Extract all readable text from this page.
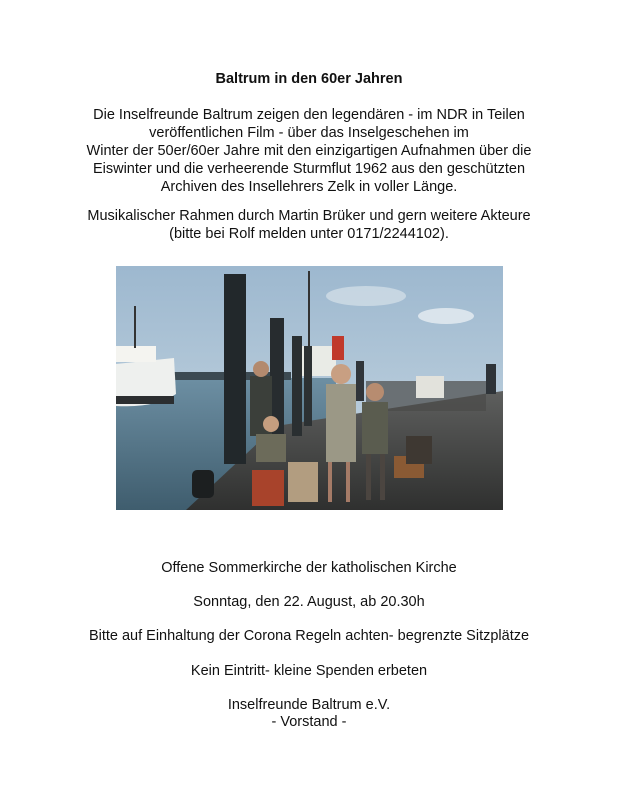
Baltrum in den 60er Jahren
Die Inselfreunde Baltrum zeigen den legendären - im NDR in Teilen
veröffentlichen Film - über das Inselgeschehen im
Winter der 50er/60er Jahre mit den einzigartigen Aufnahmen über die
Eiswinter und die verheerende Sturmflut 1962 aus den geschützten
Archiven des Insellehrers Zelk in voller Länge.
Musikalischer Rahmen durch Martin Brüker und gern weitere Akteure
(bitte bei Rolf melden unter 0171/2244102).
Offene Sommerkirche der katholischen Kirche
Sonntag, den 22. August, ab 20.30h
Bitte auf Einhaltung der Corona Regeln achten- begrenzte Sitzplätze
Kein Eintritt- kleine Spenden erbeten
Inselfreunde Baltrum e.V.
- Vorstand -
